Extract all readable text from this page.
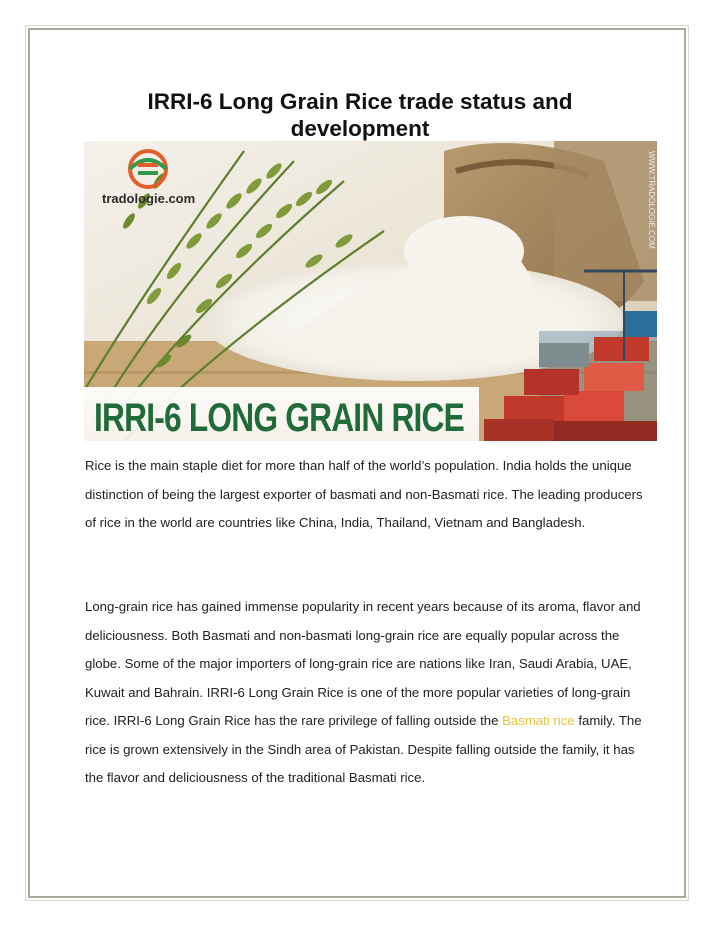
IRRI-6 Long Grain Rice trade status and development
tradologie.com	WWW.TRADOLOGIE.COM
IRRI-6 LONG GRAIN RICE

Rice is the main staple diet for more than half of the world’s population. India holds the unique distinction of being the largest exporter of basmati and non-Basmati rice. The leading producers of rice in the world are countries like China, India, Thailand, Vietnam and Bangladesh.

Long-grain rice has gained immense popularity in recent years because of its aroma, flavor and deliciousness. Both Basmati and non-basmati long-grain rice are equally popular across the globe. Some of the major importers of long-grain rice are nations like Iran, Saudi Arabia, UAE, Kuwait and Bahrain. IRRI-6 Long Grain Rice is one of the more popular varieties of long-grain rice. IRRI-6 Long Grain Rice has the rare privilege of falling outside the Basmati rice family. The rice is grown extensively in the Sindh area of Pakistan. Despite falling outside the family, it has the flavor and deliciousness of the traditional Basmati rice.
